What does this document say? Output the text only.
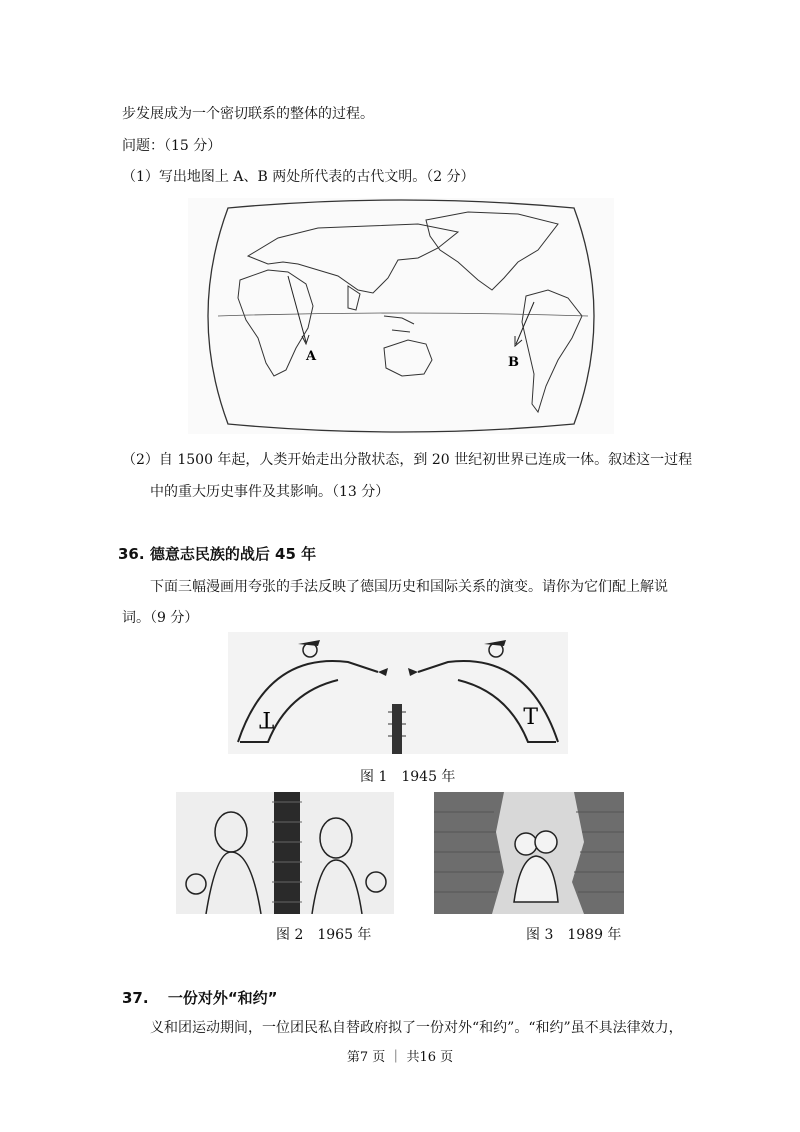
步发展成为一个密切联系的整体的过程。
问题：（15 分）
（1）写出地图上 A、B 两处所代表的古代文明。（2 分）
A	B
（2）自 1500 年起，人类开始走出分散状态，到 20 世纪初世界已连成一体。叙述这一过程
中的重大历史事件及其影响。（13 分）
36. 德意志民族的战后 45 年
下面三幅漫画用夸张的手法反映了德国历史和国际关系的演变。请你为它们配上解说
词。（9 分）
T	T
图 1　1945 年
图 2　1965 年	图 3　1989 年
37. 一份对外“和约”
义和团运动期间，一位团民私自替政府拟了一份对外“和约”。“和约”虽不具法律效力，
第7 页 ｜ 共16 页
